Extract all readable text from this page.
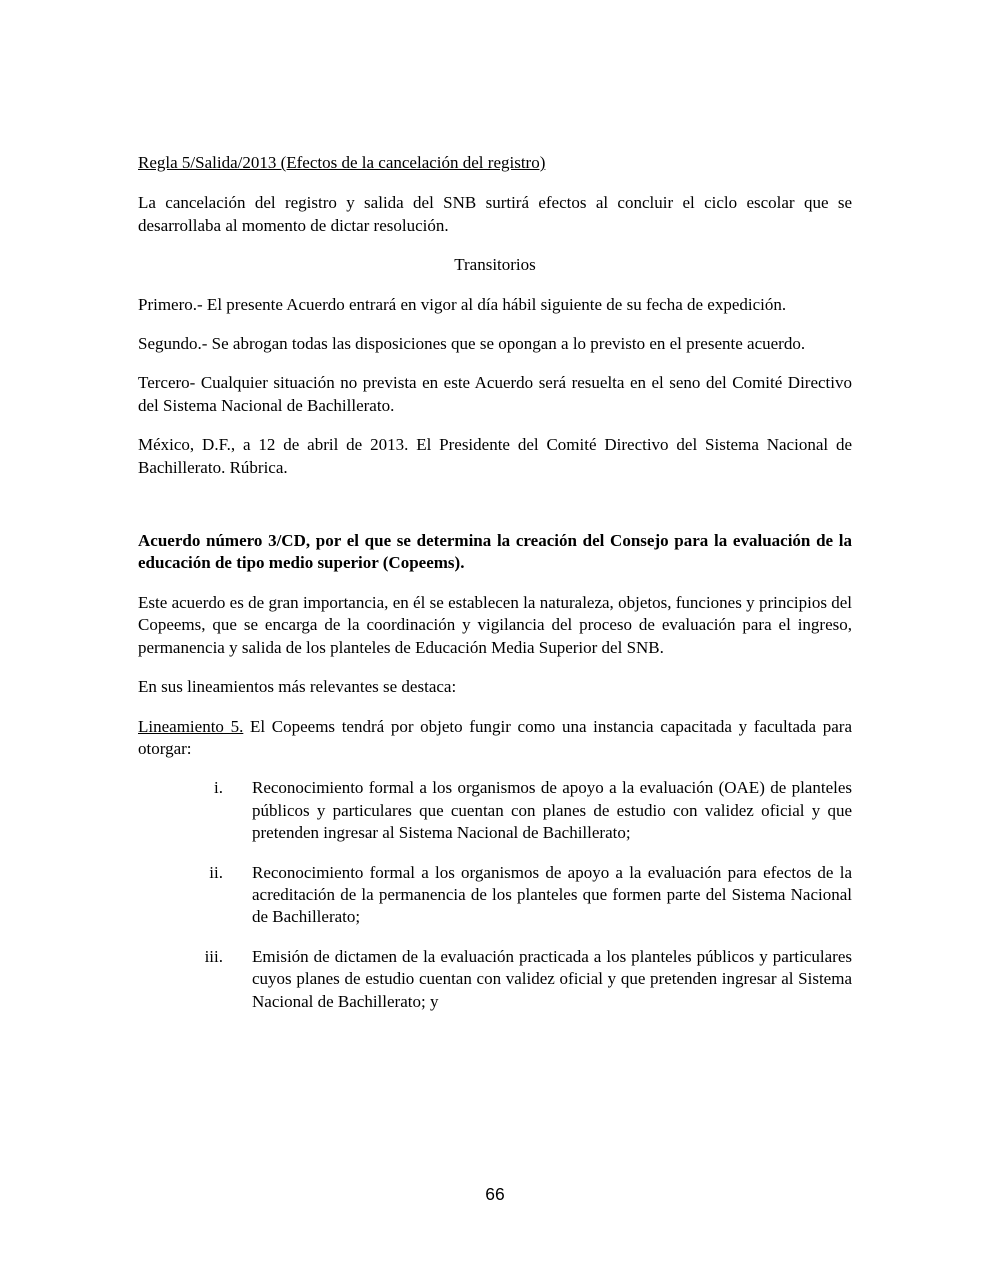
Regla 5/Salida/2013 (Efectos de la cancelación del registro)

La cancelación del registro y salida del SNB surtirá efectos al concluir el ciclo escolar que se desarrollaba al momento de dictar resolución.

Transitorios

Primero.- El presente Acuerdo entrará en vigor al día hábil siguiente de su fecha de expedición.

Segundo.- Se abrogan todas las disposiciones que se opongan a lo previsto en el presente acuerdo.

Tercero- Cualquier situación no prevista en este Acuerdo será resuelta en el seno del Comité Directivo del Sistema Nacional de Bachillerato.

México, D.F., a 12 de abril de 2013. El Presidente del Comité Directivo del Sistema Nacional de Bachillerato. Rúbrica.

Acuerdo número 3/CD, por el que se determina la creación del Consejo para la evaluación de la educación de tipo medio superior (Copeems).

Este acuerdo es de gran importancia, en él se establecen la naturaleza, objetos, funciones y principios del Copeems, que se encarga de la coordinación y vigilancia del proceso de evaluación para el ingreso, permanencia y salida de los planteles de Educación Media Superior del SNB.

En sus lineamientos más relevantes se destaca:

Lineamiento 5. El Copeems tendrá por objeto fungir como una instancia capacitada y facultada para otorgar:

i. Reconocimiento formal a los organismos de apoyo a la evaluación (OAE) de planteles públicos y particulares que cuentan con planes de estudio con validez oficial y que pretenden ingresar al Sistema Nacional de Bachillerato;
ii. Reconocimiento formal a los organismos de apoyo a la evaluación para efectos de la acreditación de la permanencia de los planteles que formen parte del Sistema Nacional de Bachillerato;
iii. Emisión de dictamen de la evaluación practicada a los planteles públicos y particulares cuyos planes de estudio cuentan con validez oficial y que pretenden ingresar al Sistema Nacional de Bachillerato; y
66
